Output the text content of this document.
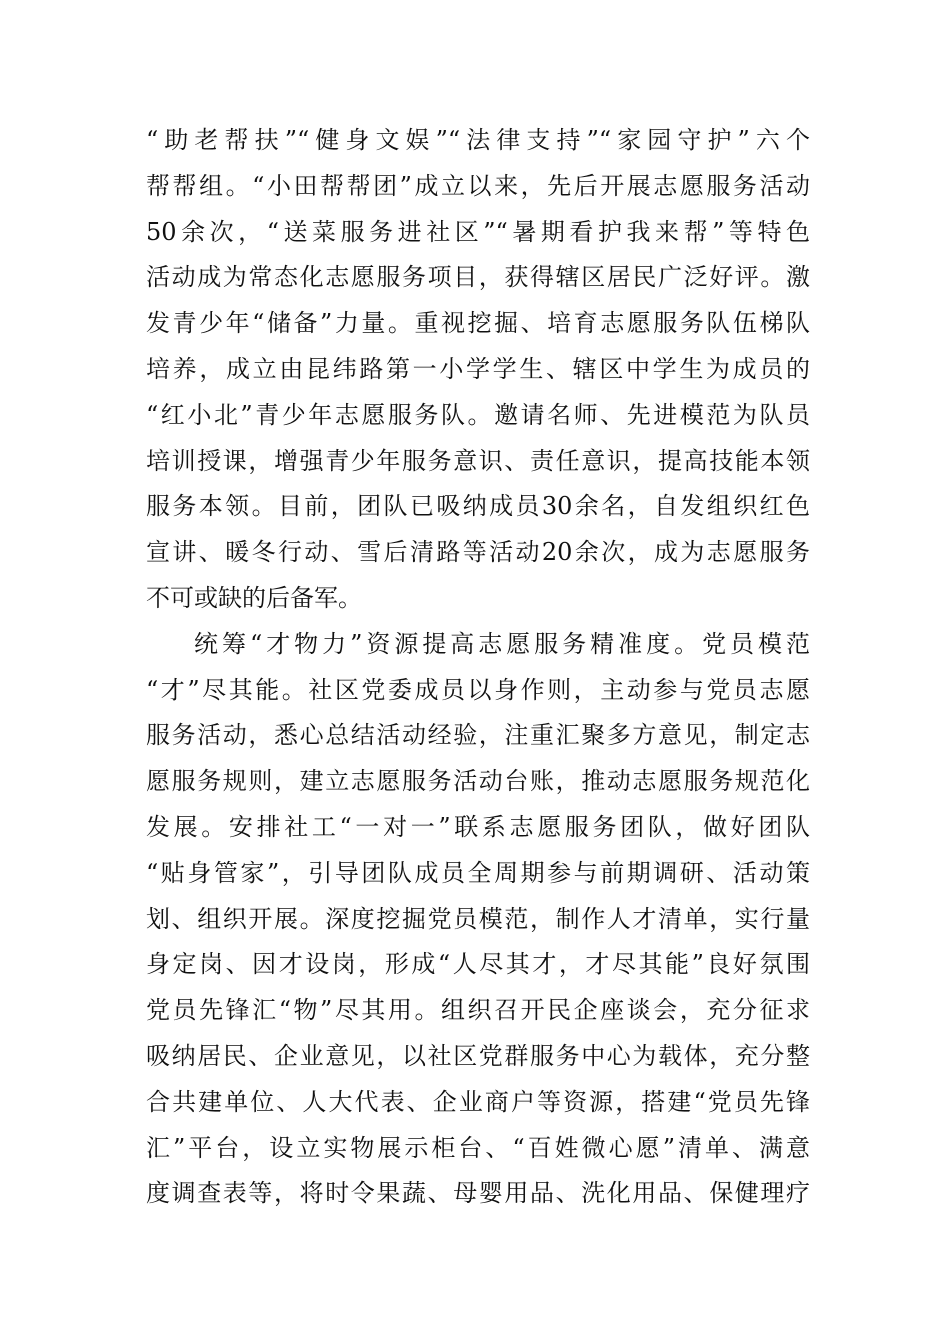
“助老帮扶”“健身文娱”“法律支持”“家园守护”六个
帮帮组。“小田帮帮团”成立以来，先后开展志愿服务活动
50余次，“送菜服务进社区”“暑期看护我来帮”等特色
活动成为常态化志愿服务项目，获得辖区居民广泛好评。激
发青少年“储备”力量。重视挖掘、培育志愿服务队伍梯队
培养，成立由昆纬路第一小学学生、辖区中学生为成员的
“红小北”青少年志愿服务队。邀请名师、先进模范为队员
培训授课，增强青少年服务意识、责任意识，提高技能本领
服务本领。目前，团队已吸纳成员30余名，自发组织红色
宣讲、暖冬行动、雪后清路等活动20余次，成为志愿服务
不可或缺的后备军。
统筹“才物力”资源提高志愿服务精准度。党员模范
“才”尽其能。社区党委成员以身作则，主动参与党员志愿
服务活动，悉心总结活动经验，注重汇聚多方意见，制定志
愿服务规则，建立志愿服务活动台账，推动志愿服务规范化
发展。安排社工“一对一”联系志愿服务团队，做好团队
“贴身管家”，引导团队成员全周期参与前期调研、活动策
划、组织开展。深度挖掘党员模范，制作人才清单，实行量
身定岗、因才设岗，形成“人尽其才，才尽其能”良好氛围
党员先锋汇“物”尽其用。组织召开民企座谈会，充分征求
吸纳居民、企业意见，以社区党群服务中心为载体，充分整
合共建单位、人大代表、企业商户等资源，搭建“党员先锋
汇”平台，设立实物展示柜台、“百姓微心愿”清单、满意
度调查表等，将时令果蔬、母婴用品、洗化用品、保健理疗
